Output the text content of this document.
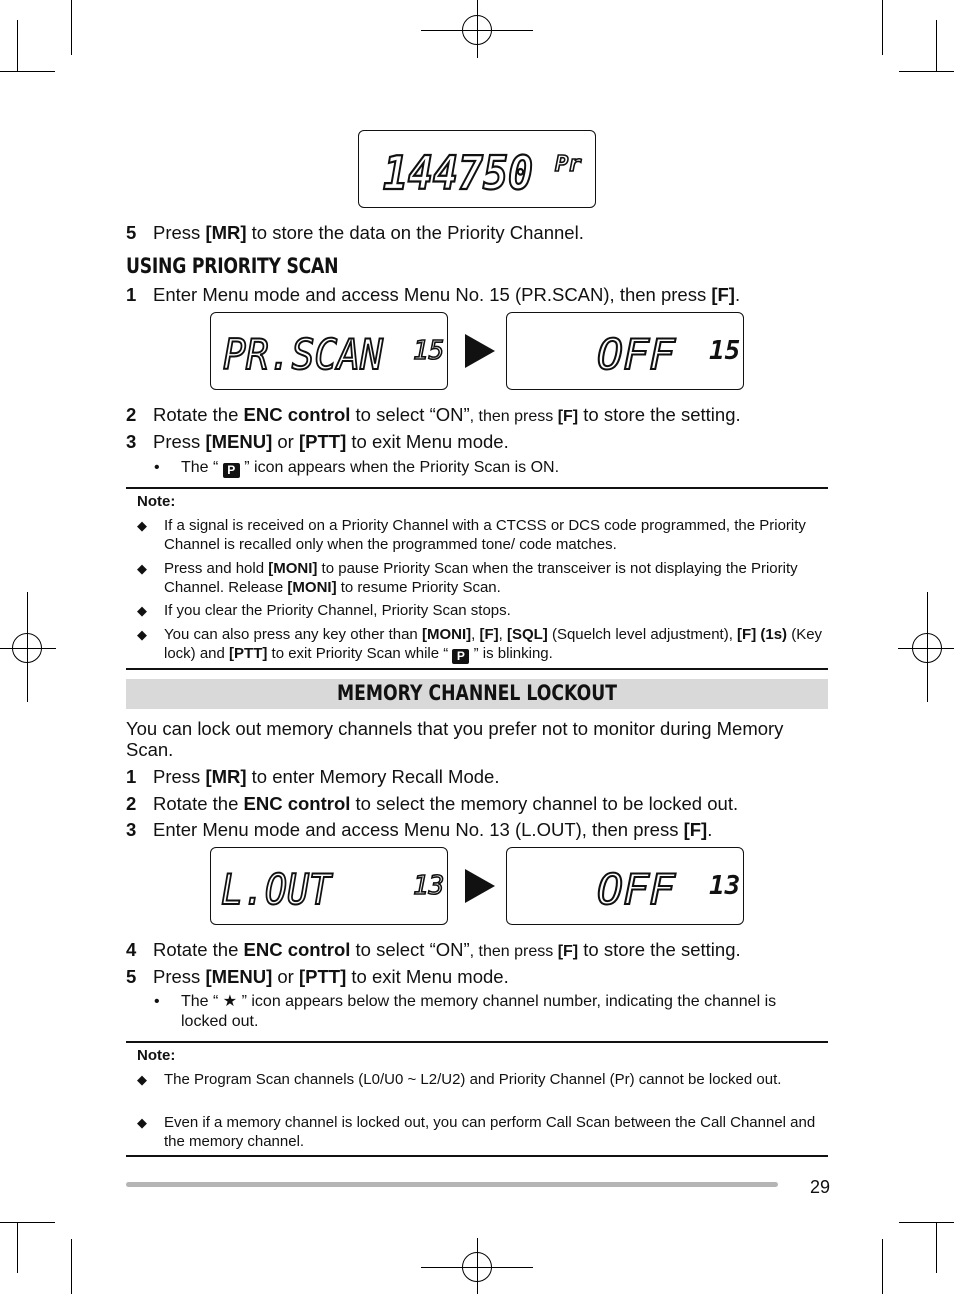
144750 Pr
5 Press [MR] to store the data on the Priority Channel.
USING PRIORITY SCAN
1 Enter Menu mode and access Menu No. 15 (PR.SCAN), then press [F].
PR.SCAN 15	OFF 15
2 Rotate the ENC control to select “ON”, then press [F] to store the setting.
3 Press [MENU] or [PTT] to exit Menu mode.
• The “ P ” icon appears when the Priority Scan is ON.
Note:
◆ If a signal is received on a Priority Channel with a CTCSS or DCS code programmed, the Priority Channel is recalled only when the programmed tone/ code matches.
◆ Press and hold [MONI] to pause Priority Scan when the transceiver is not displaying the Priority Channel. Release [MONI] to resume Priority Scan.
◆ If you clear the Priority Channel, Priority Scan stops.
◆ You can also press any key other than [MONI], [F], [SQL] (Squelch level adjustment), [F] (1s) (Key lock) and [PTT] to exit Priority Scan while “ P ” is blinking.
MEMORY CHANNEL LOCKOUT
You can lock out memory channels that you prefer not to monitor during Memory Scan.
1 Press [MR] to enter Memory Recall Mode.
2 Rotate the ENC control to select the memory channel to be locked out.
3 Enter Menu mode and access Menu No. 13 (L.OUT), then press [F].
L.OUT	13	OFF 13
4 Rotate the ENC control to select “ON”, then press [F] to store the setting.
5 Press [MENU] or [PTT] to exit Menu mode.
• The “ ★ ” icon appears below the memory channel number, indicating the channel is locked out.
Note:
◆ The Program Scan channels (L0/U0 ~ L2/U2) and Priority Channel (Pr) cannot be locked out.
◆ Even if a memory channel is locked out, you can perform Call Scan between the Call Channel and the memory channel.
29
